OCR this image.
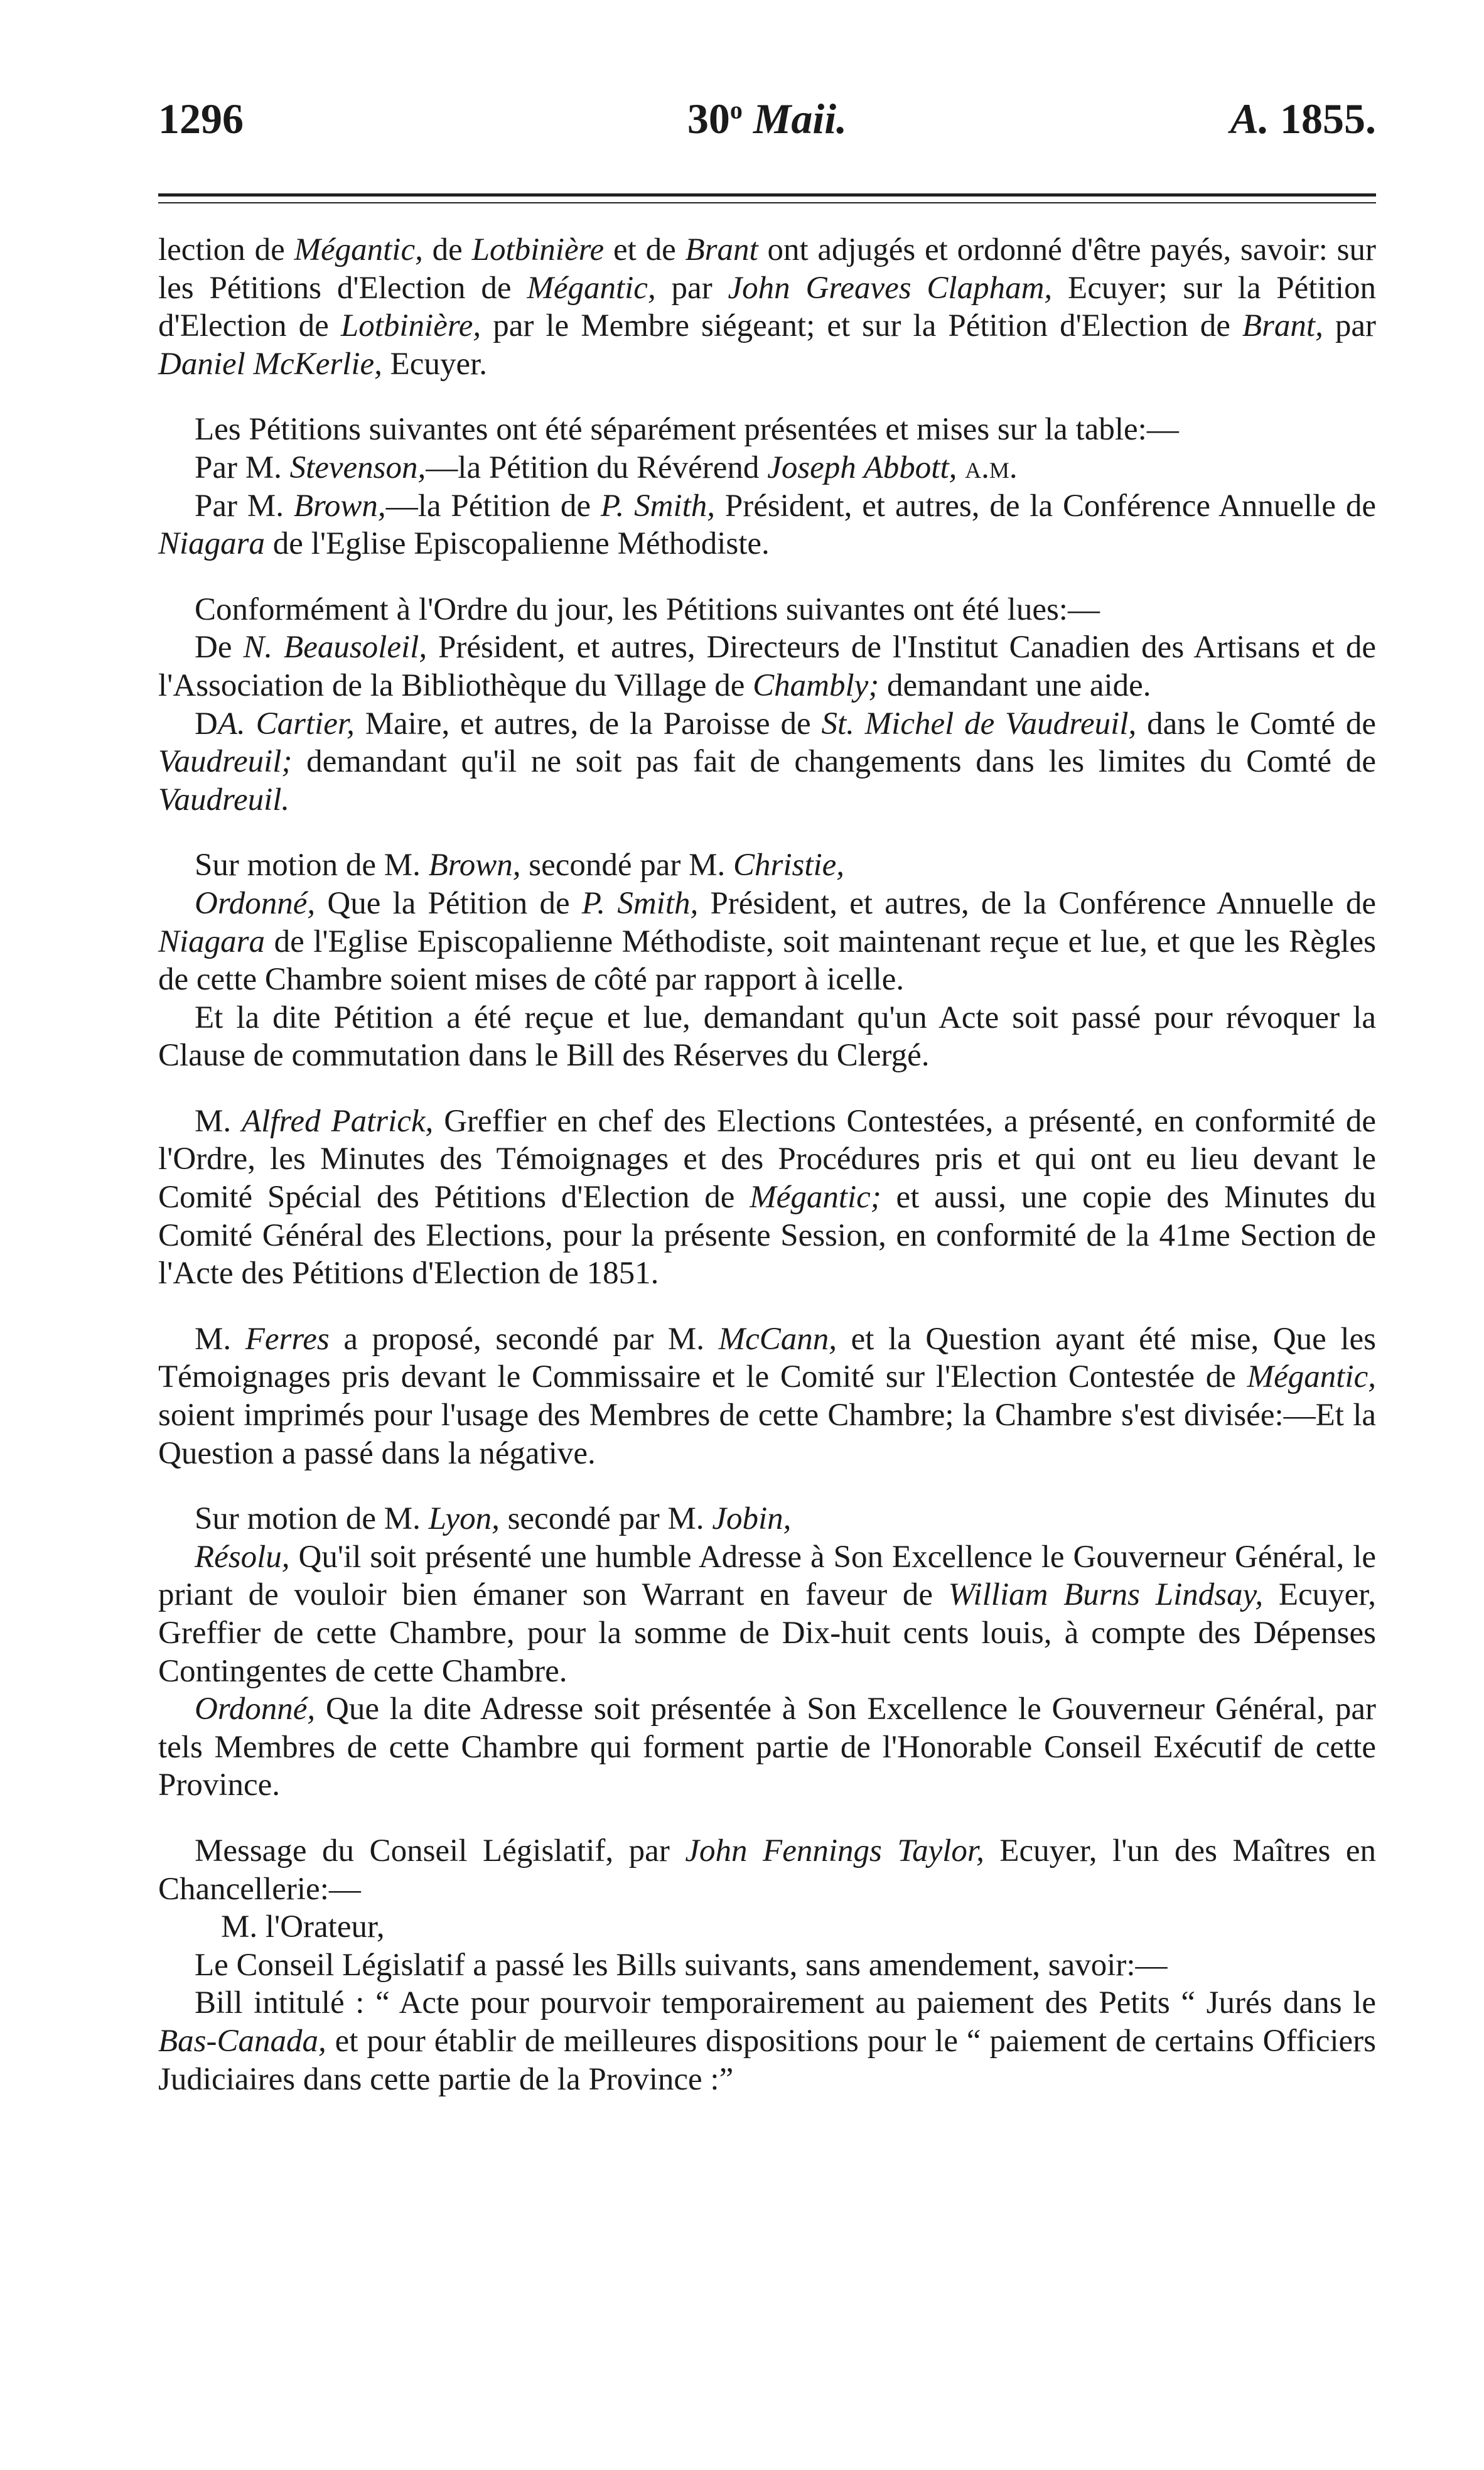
1296	30$^o$ Maii.	A. 1855.

lection de Mégantic, de Lotbinière et de Brant ont adjugés et ordonné d'être payés, savoir: sur les Pétitions d'Election de Mégantic, par John Greaves Clapham, Ecuyer; sur la Pétition d'Election de Lotbinière, par le Membre siégeant; et sur la Pétition d'Election de Brant, par Daniel McKerlie, Ecuyer.

Les Pétitions suivantes ont été séparément présentées et mises sur la table:—

Par M. Stevenson,—la Pétition du Révérend Joseph Abbott, a.m.

Par M. Brown,—la Pétition de P. Smith, Président, et autres, de la Conférence Annuelle de Niagara de l'Eglise Episcopalienne Méthodiste.

Conformément à l'Ordre du jour, les Pétitions suivantes ont été lues:—

De N. Beausoleil, Président, et autres, Directeurs de l'Institut Canadien des Artisans et de l'Association de la Bibliothèque du Village de Chambly; demandant une aide.

DA. Cartier, Maire, et autres, de la Paroisse de St. Michel de Vaudreuil, dans le Comté de Vaudreuil; demandant qu'il ne soit pas fait de changements dans les limites du Comté de Vaudreuil.

Sur motion de M. Brown, secondé par M. Christie,

Ordonné, Que la Pétition de P. Smith, Président, et autres, de la Conférence Annuelle de Niagara de l'Eglise Episcopalienne Méthodiste, soit maintenant reçue et lue, et que les Règles de cette Chambre soient mises de côté par rapport à icelle.

Et la dite Pétition a été reçue et lue, demandant qu'un Acte soit passé pour révoquer la Clause de commutation dans le Bill des Réserves du Clergé.

M. Alfred Patrick, Greffier en chef des Elections Contestées, a présenté, en conformité de l'Ordre, les Minutes des Témoignages et des Procédures pris et qui ont eu lieu devant le Comité Spécial des Pétitions d'Election de Mégantic; et aussi, une copie des Minutes du Comité Général des Elections, pour la présente Session, en conformité de la 41me Section de l'Acte des Pétitions d'Election de 1851.

M. Ferres a proposé, secondé par M. McCann, et la Question ayant été mise, Que les Témoignages pris devant le Commissaire et le Comité sur l'Election Contestée de Mégantic, soient imprimés pour l'usage des Membres de cette Chambre; la Chambre s'est divisée:—Et la Question a passé dans la négative.

Sur motion de M. Lyon, secondé par M. Jobin,

Résolu, Qu'il soit présenté une humble Adresse à Son Excellence le Gouverneur Général, le priant de vouloir bien émaner son Warrant en faveur de William Burns Lindsay, Ecuyer, Greffier de cette Chambre, pour la somme de Dix-huit cents louis, à compte des Dépenses Contingentes de cette Chambre.

Ordonné, Que la dite Adresse soit présentée à Son Excellence le Gouverneur Général, par tels Membres de cette Chambre qui forment partie de l'Honorable Conseil Exécutif de cette Province.

Message du Conseil Législatif, par John Fennings Taylor, Ecuyer, l'un des Maîtres en Chancellerie:—

M. l'Orateur,

Le Conseil Législatif a passé les Bills suivants, sans amendement, savoir:—

Bill intitulé : “ Acte pour pourvoir temporairement au paiement des Petits “ Jurés dans le Bas-Canada, et pour établir de meilleures dispositions pour le “ paiement de certains Officiers Judiciaires dans cette partie de la Province :”
